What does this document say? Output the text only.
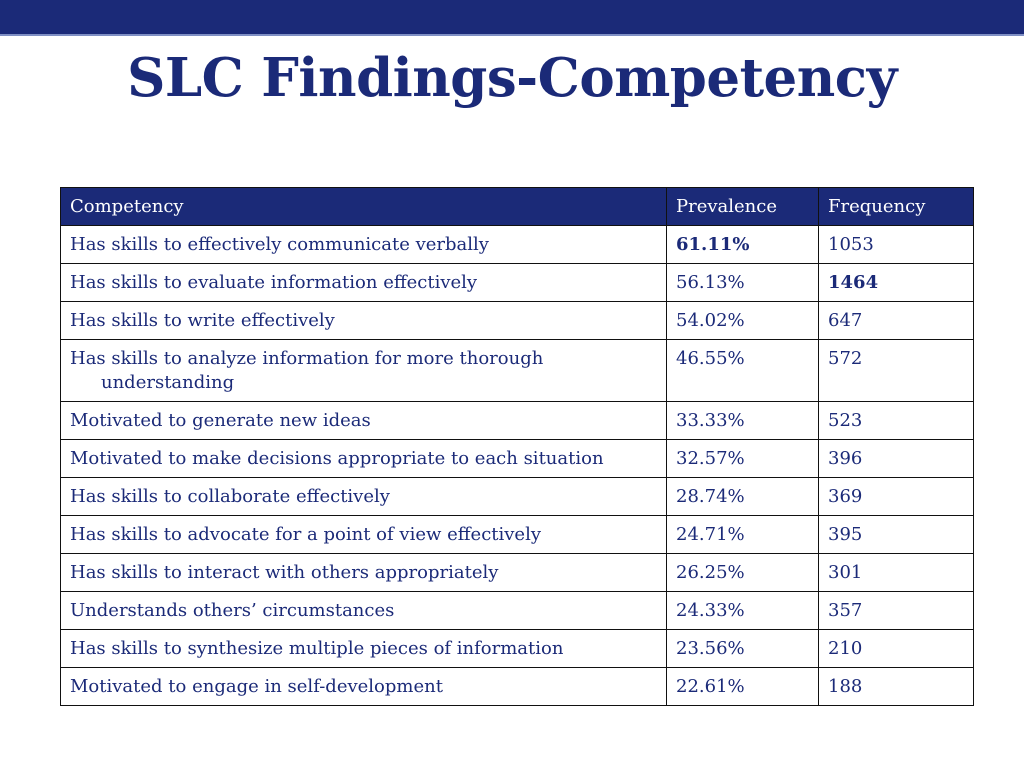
SLC Findings-Competency
Competency	Prevalence	Frequency
Has skills to effectively communicate verbally	61.11%	1053
Has skills to evaluate information effectively	56.13%	1464
Has skills to write effectively	54.02%	647
Has skills to analyze information for more thorough
understanding	46.55%	572
Motivated to generate new ideas	33.33%	523
Motivated to make decisions appropriate to each situation	32.57%	396
Has skills to collaborate effectively	28.74%	369
Has skills to advocate for a point of view effectively	24.71%	395
Has skills to interact with others appropriately	26.25%	301
Understands others’ circumstances	24.33%	357
Has skills to synthesize multiple pieces of information	23.56%	210
Motivated to engage in self-development	22.61%	188
